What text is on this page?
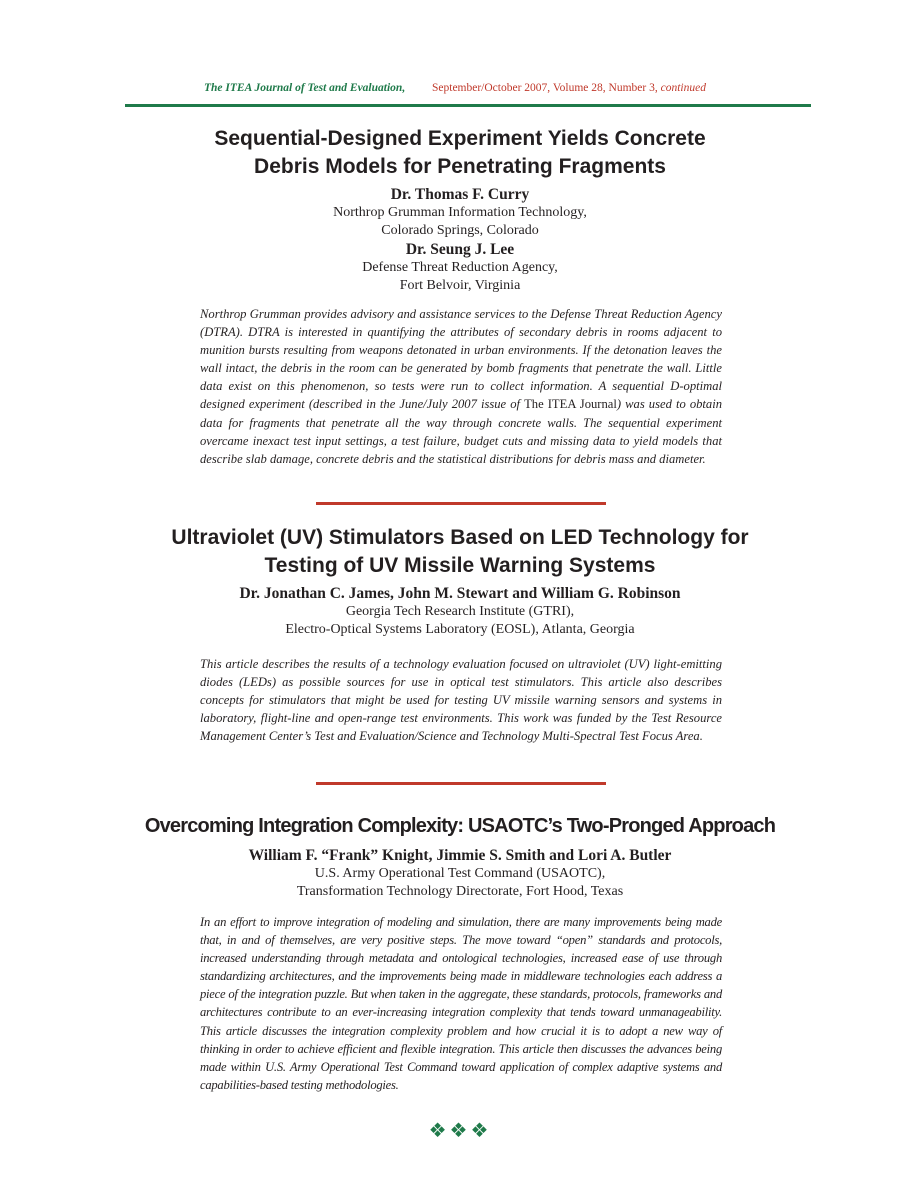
The ITEA Journal of Test and Evaluation, September/October 2007, Volume 28, Number 3, continued

Sequential-Designed Experiment Yields Concrete

Debris Models for Penetrating Fragments

Dr. Thomas F. Curry

Northrop Grumman Information Technology,

Colorado Springs, Colorado

Dr. Seung J. Lee

Defense Threat Reduction Agency,

Fort Belvoir, Virginia

Northrop Grumman provides advisory and assistance services to the Defense Threat Reduction Agency (DTRA). DTRA is interested in quantifying the attributes of secondary debris in rooms adjacent to munition bursts resulting from weapons detonated in urban environments. If the detonation leaves the wall intact, the debris in the room can be generated by bomb fragments that penetrate the wall. Little data exist on this phenomenon, so tests were run to collect information. A sequential D-optimal designed experiment (described in the June/July 2007 issue of The ITEA Journal) was used to obtain data for fragments that penetrate all the way through concrete walls. The sequential experiment overcame inexact test input settings, a test failure, budget cuts and missing data to yield models that describe slab damage, concrete debris and the statistical distributions for debris mass and diameter.

Ultraviolet (UV) Stimulators Based on LED Technology for

Testing of UV Missile Warning Systems

Dr. Jonathan C. James, John M. Stewart and William G. Robinson

Georgia Tech Research Institute (GTRI),

Electro-Optical Systems Laboratory (EOSL), Atlanta, Georgia

This article describes the results of a technology evaluation focused on ultraviolet (UV) light-emitting diodes (LEDs) as possible sources for use in optical test stimulators. This article also describes concepts for stimulators that might be used for testing UV missile warning sensors and systems in laboratory, flight-line and open-range test environments. This work was funded by the Test Resource Management Center’s Test and Evaluation/Science and Technology Multi-Spectral Test Focus Area.

Overcoming Integration Complexity: USAOTC’s Two-Pronged Approach

William F. “Frank” Knight, Jimmie S. Smith and Lori A. Butler

U.S. Army Operational Test Command (USAOTC),

Transformation Technology Directorate, Fort Hood, Texas

In an effort to improve integration of modeling and simulation, there are many improvements being made that, in and of themselves, are very positive steps. The move toward “open” standards and protocols, increased understanding through metadata and ontological technologies, increased ease of use through standardizing architectures, and the improvements being made in middleware technologies each address a piece of the integration puzzle. But when taken in the aggregate, these standards, protocols, frameworks and architectures contribute to an ever-increasing integration complexity that tends toward unmanageability. This article discusses the integration complexity problem and how crucial it is to adopt a new way of thinking in order to achieve efficient and flexible integration. This article then discusses the advances being made within U.S. Army Operational Test Command toward application of complex adaptive systems and capabilities-based testing methodologies.

❖❖❖
